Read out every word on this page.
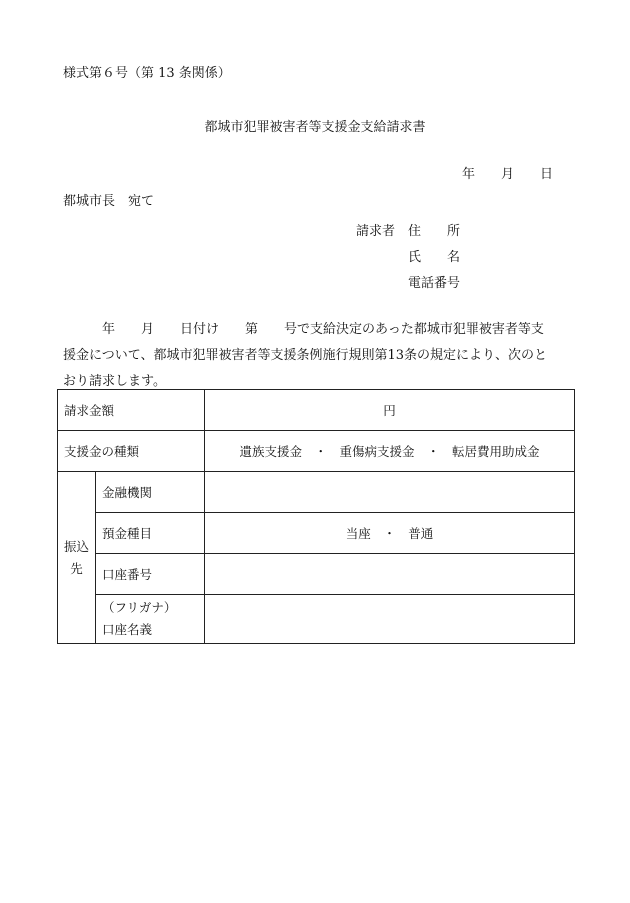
様式第６号（第 13 条関係）
都城市犯罪被害者等支援金支給請求書
年　　月　　日
都城市長　宛て
請求者 住　　所
氏　　名
電話番号
　　　年　　月　　日付け　　第　　号で支給決定のあった都城市犯罪被害者等支
援金について、都城市犯罪被害者等支援条例施行規則第13条の規定により、次のと
おり請求します。
請求金額		円
支援金の種類		遺族支援金　・　重傷病支援金　・　転居費用助成金

振込
先	金融機関	
	預金種目	当座　・　普通
	口座番号	

	（フリガナ）
口座名義	
